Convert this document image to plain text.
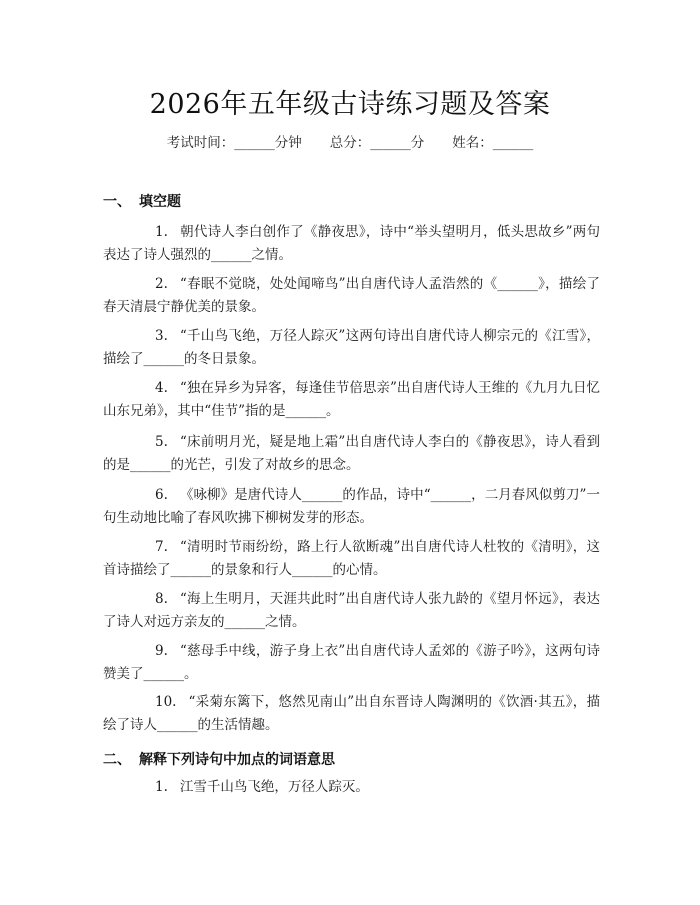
2026年五年级古诗练习题及答案
考试时间：______分钟 总分：______分 姓名：______
一、 填空题
1. 朝代诗人李白创作了《静夜思》，诗中“举头望明月，低头思故乡”两句表达了诗人强烈的______之情。
2. “春眠不觉晓，处处闻啼鸟”出自唐代诗人孟浩然的《______》，描绘了春天清晨宁静优美的景象。
3. “千山鸟飞绝，万径人踪灭”这两句诗出自唐代诗人柳宗元的《江雪》，描绘了______的冬日景象。
4. “独在异乡为异客，每逢佳节倍思亲”出自唐代诗人王维的《九月九日忆山东兄弟》，其中“佳节”指的是______。
5. “床前明月光，疑是地上霜”出自唐代诗人李白的《静夜思》，诗人看到的是______的光芒，引发了对故乡的思念。
6. 《咏柳》是唐代诗人______的作品，诗中“______，二月春风似剪刀”一句生动地比喻了春风吹拂下柳树发芽的形态。
7. “清明时节雨纷纷，路上行人欲断魂”出自唐代诗人杜牧的《清明》，这首诗描绘了______的景象和行人______的心情。
8. “海上生明月，天涯共此时”出自唐代诗人张九龄的《望月怀远》，表达了诗人对远方亲友的______之情。
9. “慈母手中线，游子身上衣”出自唐代诗人孟郊的《游子吟》，这两句诗赞美了______。
10. “采菊东篱下，悠然见南山”出自东晋诗人陶渊明的《饮酒·其五》，描绘了诗人______的生活情趣。
二、 解释下列诗句中加点的词语意思
1. 江雪千山鸟飞绝，万径人踪灭。
